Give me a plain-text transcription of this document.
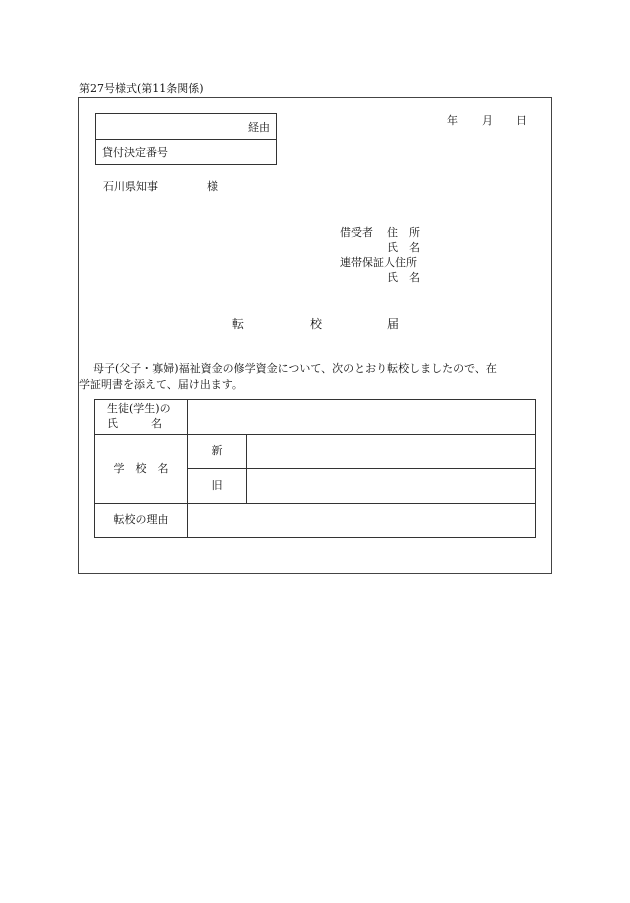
第27号様式(第11条関係)
経由
貸付決定番号
年 月 日
石川県知事	様
借受者 住　所
氏　名
連帯保証人住所
氏　名
転	校	届
母子(父子・寡婦)福祉資金の修学資金について、次のとおり転校しましたので、在
学証明書を添えて、届け出ます。
生徒(学生)の
氏　　　名		

学　校　名	新	
	旧	
転校の理由		
